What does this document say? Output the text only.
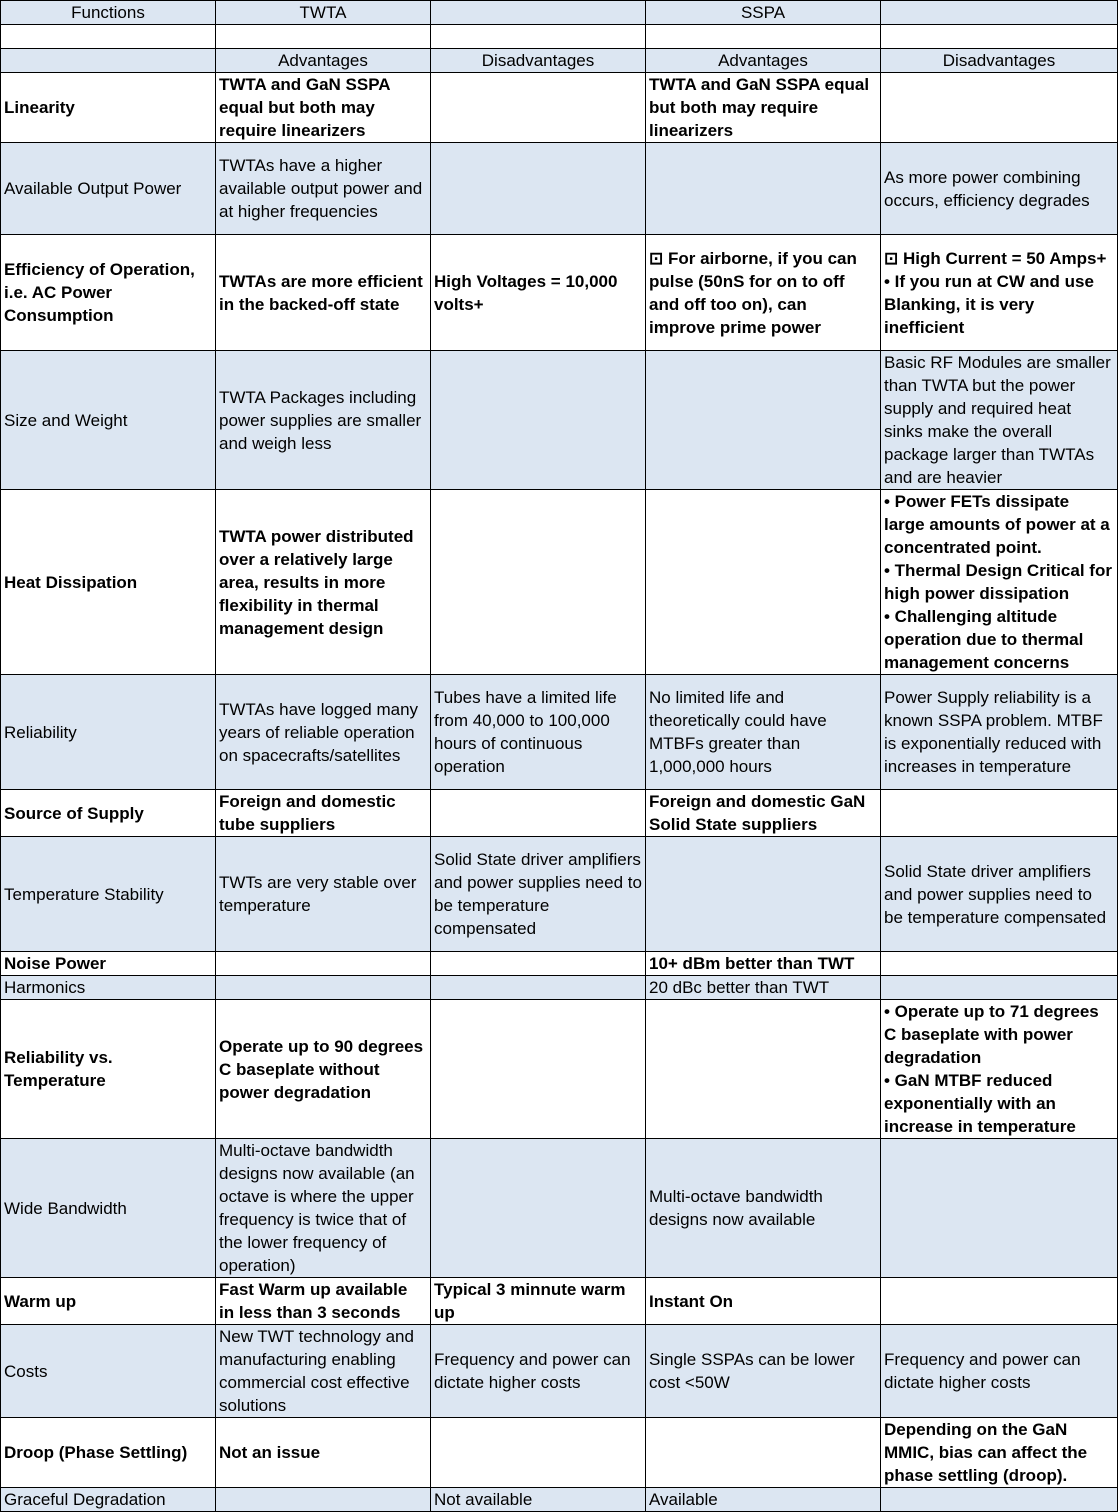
Functions	TWTA		SSPA	

	Advantages	Disadvantages	Advantages	Disadvantages
Linearity	TWTA and GaN SSPA equal but both may require linearizers		TWTA and GaN SSPA equal but both may require linearizers	
Available Output Power	TWTAs have a higher available output power and at higher frequencies			As more power combining occurs, efficiency degrades
Efficiency of Operation, i.e. AC Power Consumption	TWTAs are more efficient in the backed-off state	High Voltages = 10,000 volts+	⊡ For airborne, if you can pulse (50nS for on to off and off too on), can improve prime power	⊡ High Current = 50 Amps+
• If you run at CW and use Blanking, it is very inefficient

Size and Weight	TWTA Packages including power supplies are smaller and weigh less			Basic RF Modules are smaller than TWTA but the power supply and required heat sinks make the overall package larger than TWTAs and are heavier
Heat Dissipation	TWTA power distributed over a relatively large area, results in more flexibility in thermal management design			• Power FETs dissipate large amounts of power at a concentrated point.
• Thermal Design Critical for high power dissipation
• Challenging altitude operation due to thermal management concerns

Reliability	TWTAs have logged many years of reliable operation on spacecrafts/satellites	Tubes have a limited life from 40,000 to 100,000 hours of continuous operation	No limited life and theoretically could have MTBFs greater than 1,000,000 hours	Power Supply reliability is a known SSPA problem. MTBF is exponentially reduced with increases in temperature
Source of Supply	Foreign and domestic tube suppliers		Foreign and domestic GaN Solid State suppliers	
Temperature Stability	TWTs are very stable over temperature	Solid State driver amplifiers and power supplies need to be temperature compensated		Solid State driver amplifiers and power supplies need to be temperature compensated
Noise Power			10+ dBm better than TWT	
Harmonics			20 dBc better than TWT	
Reliability vs. Temperature	Operate up to 90 degrees C baseplate without power degradation			• Operate up to 71 degrees C baseplate with power degradation
• GaN MTBF reduced exponentially with an increase in temperature

Wide Bandwidth	Multi-octave bandwidth designs now available (an octave is where the upper frequency is twice that of the lower frequency of operation)		Multi-octave bandwidth designs now available	
Warm up	Fast Warm up available in less than 3 seconds	Typical 3 minnute warm up	Instant On	
Costs	New TWT technology and manufacturing enabling commercial cost effective solutions	Frequency and power can dictate higher costs	Single SSPAs can be lower cost <50W	Frequency and power can dictate higher costs
Droop (Phase Settling)	Not an issue			Depending on the GaN MMIC, bias can affect the phase settling (droop).
Graceful Degradation		Not available	Available	
